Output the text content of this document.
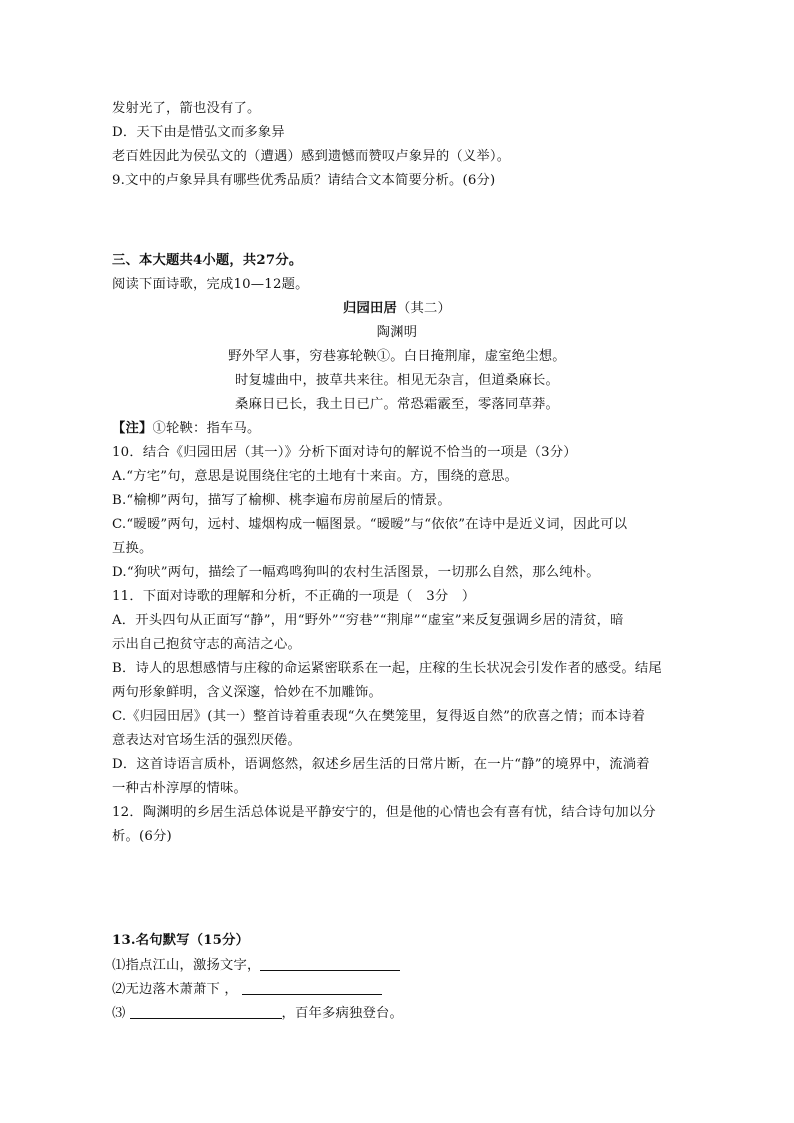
发射光了，箭也没有了。
D．天下由是惜弘文而多象异
老百姓因此为侯弘文的（遭遇）感到遗憾而赞叹卢象异的（义举）。
9.文中的卢象异具有哪些优秀品质？请结合文本简要分析。(6分)
三、本大题共4小题，共27分。
阅读下面诗歌，完成10—12题。
归园田居（其二）
陶渊明
野外罕人事，穷巷寡轮鞅①。白日掩荆扉，虚室绝尘想。
时复墟曲中，披草共来往。相见无杂言，但道桑麻长。
桑麻日已长，我土日已广。常恐霜霰至，零落同草莽。
【注】①轮鞅：指车马。
10．结合《归园田居（其一）》分析下面对诗句的解说不恰当的一项是（3分）
A.“方宅”句，意思是说围绕住宅的土地有十来亩。方，围绕的意思。
B.“榆柳”两句，描写了榆柳、桃李遍布房前屋后的情景。
C.“暧暧”两句，远村、墟烟构成一幅图景。“暧暧”与“依依”在诗中是近义词，因此可以
互换。
D.“狗吠”两句，描绘了一幅鸡鸣狗叫的农村生活图景，一切那么自然，那么纯朴。
11．下面对诗歌的理解和分析，不正确的一项是（　3分　）
A．开头四句从正面写“静”，用“野外”“穷巷”“荆扉”“虚室”来反复强调乡居的清贫，暗
示出自己抱贫守志的高洁之心。
B．诗人的思想感情与庄稼的命运紧密联系在一起，庄稼的生长状况会引发作者的感受。结尾
两句形象鲜明，含义深邃，恰妙在不加雕饰。
C.《归园田居》(其一）整首诗着重表现“久在樊笼里，复得返自然”的欣喜之情；而本诗着
意表达对官场生活的强烈厌倦。
D．这首诗语言质朴，语调悠然，叙述乡居生活的日常片断，在一片“静”的境界中，流淌着
一种古朴淳厚的情味。
12．陶渊明的乡居生活总体说是平静安宁的，但是他的心情也会有喜有忧，结合诗句加以分
析。(6分)
13.名句默写（15分）
⑴指点江山，激扬文字，
⑵无边落木萧萧下 ，
⑶	，百年多病独登台。
